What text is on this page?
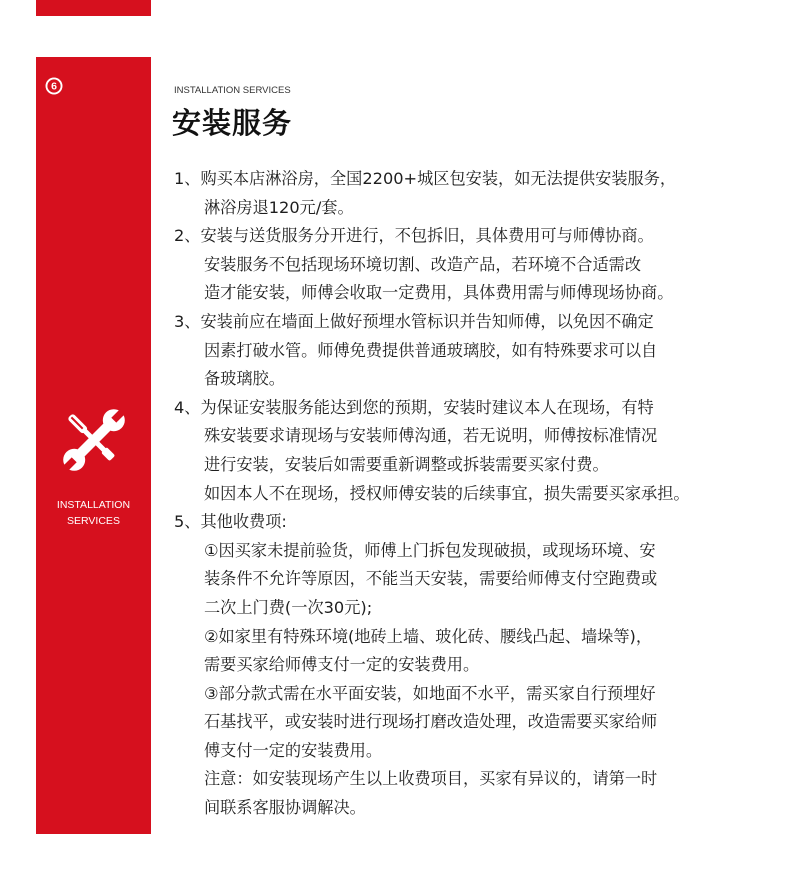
6
INSTALLATION
SERVICES
INSTALLATION SERVICES
安装服务
1、购买本店淋浴房，全国2200+城区包安装，如无法提供安装服务，
淋浴房退120元/套。
2、安装与送货服务分开进行，不包拆旧，具体费用可与师傅协商。
安装服务不包括现场环境切割、改造产品，若环境不合适需改
造才能安装，师傅会收取一定费用，具体费用需与师傅现场协商。
3、安装前应在墙面上做好预埋水管标识并告知师傅，以免因不确定
因素打破水管。师傅免费提供普通玻璃胶，如有特殊要求可以自
备玻璃胶。
4、为保证安装服务能达到您的预期，安装时建议本人在现场，有特
殊安装要求请现场与安装师傅沟通，若无说明，师傅按标准情况
进行安装，安装后如需要重新调整或拆装需要买家付费。
如因本人不在现场，授权师傅安装的后续事宜，损失需要买家承担。
5、其他收费项:
①因买家未提前验货，师傅上门拆包发现破损，或现场环境、安
装条件不允许等原因，不能当天安装，需要给师傅支付空跑费或
二次上门费(一次30元);
②如家里有特殊环境(地砖上墙、玻化砖、腰线凸起、墙垛等)，
需要买家给师傅支付一定的安装费用。
③部分款式需在水平面安装，如地面不水平，需买家自行预埋好
石基找平，或安装时进行现场打磨改造处理，改造需要买家给师
傅支付一定的安装费用。
注意：如安装现场产生以上收费项目，买家有异议的，请第一时
间联系客服协调解决。
